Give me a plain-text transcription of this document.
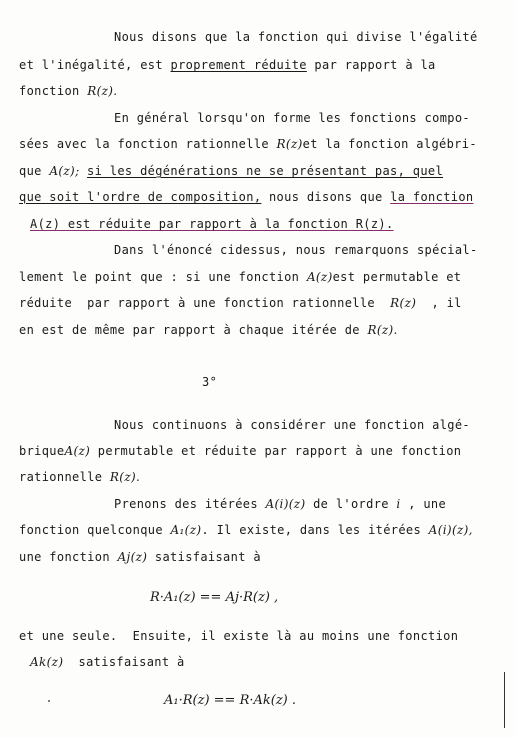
Nous disons que la fonction qui divise l'égalité
et l'inégalité, est proprement réduite par rapport à la
fonction R(z).
En général lorsqu'on forme les fonctions compo-
sées avec la fonction rationnelle R(z)et la fonction algébri-
que A(z); si les dégénérations ne se présentant pas, quel
que soit l'ordre de composition, nous disons que la fonction
A(z) est réduite par rapport à la fonction R(z).
Dans l'énoncé cidessus, nous remarquons spécial-
lement le point que : si une fonction A(z)est permutable et
réduite  par rapport à une fonction rationnelle R(z) , il
en est de même par rapport à chaque itérée de R(z).
3°
Nous continuons à considérer une fonction algé-
briqueA(z) permutable et réduite par rapport à une fonction
rationnelle R(z).
Prenons des itérées A(i)(z) de l'ordre i , une
fonction quelconque A₁(z). Il existe, dans les itérées A(i)(z),
une fonction Aj(z) satisfaisant à
R·A₁(z) == Aj·R(z) ,
et une seule.  Ensuite, il existe là au moins une fonction
Ak(z) satisfaisant à
A₁·R(z) == R·Ak(z) .
